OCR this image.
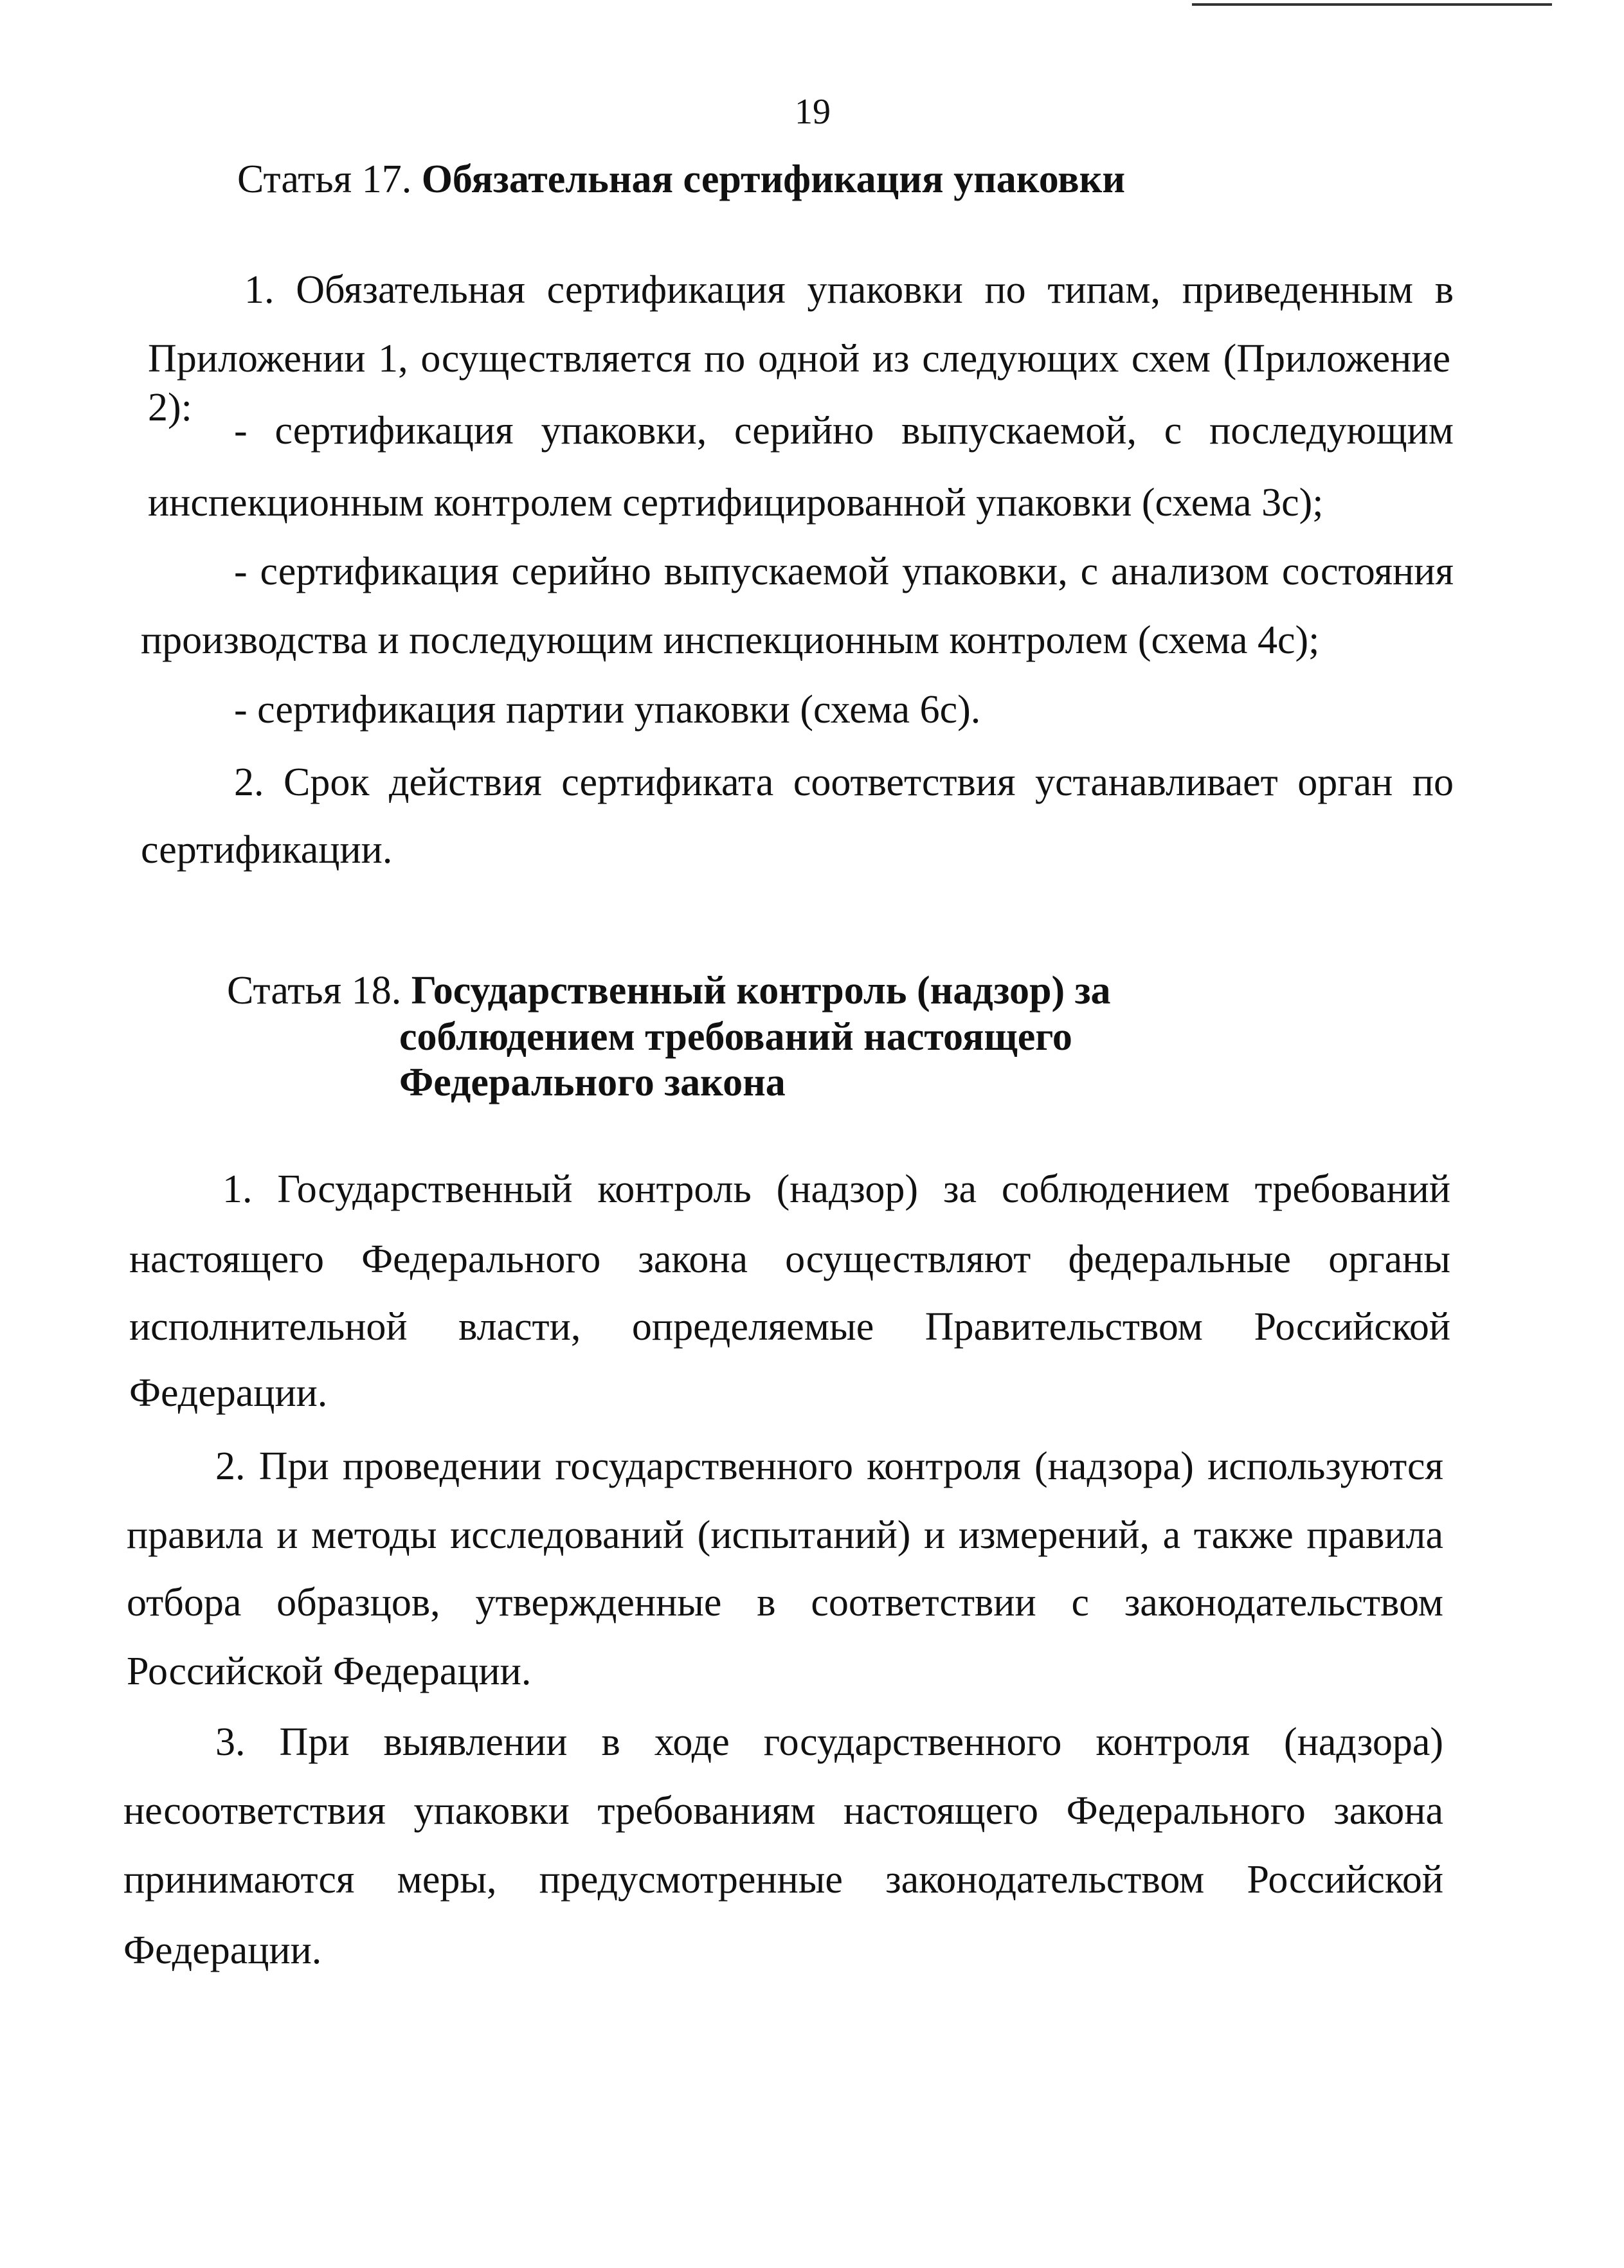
19
Статья 17. Обязательная сертификация упаковки
1. Обязательная сертификация упаковки по типам, приведенным в
Приложении 1, осуществляется по одной из следующих схем (Приложение 2):
- сертификация упаковки, серийно выпускаемой, с последующим
инспекционным контролем сертифицированной упаковки (схема 3с);
- сертификация серийно выпускаемой упаковки, с анализом состояния
производства и последующим инспекционным контролем (схема 4с);
- сертификация партии упаковки (схема 6с).
2. Срок действия сертификата соответствия устанавливает орган по
сертификации.
Статья 18. Государственный контроль (надзор) за
соблюдением требований настоящего
Федерального закона
1. Государственный контроль (надзор) за соблюдением требований
настоящего Федерального закона осуществляют федеральные органы
исполнительной власти, определяемые Правительством Российской
Федерации.
2. При проведении государственного контроля (надзора) используются
правила и методы исследований (испытаний) и измерений, а также правила
отбора образцов, утвержденные в соответствии с законодательством
Российской Федерации.
3. При выявлении в ходе государственного контроля (надзора)
несоответствия упаковки требованиям настоящего Федерального закона
принимаются меры, предусмотренные законодательством Российской
Федерации.
